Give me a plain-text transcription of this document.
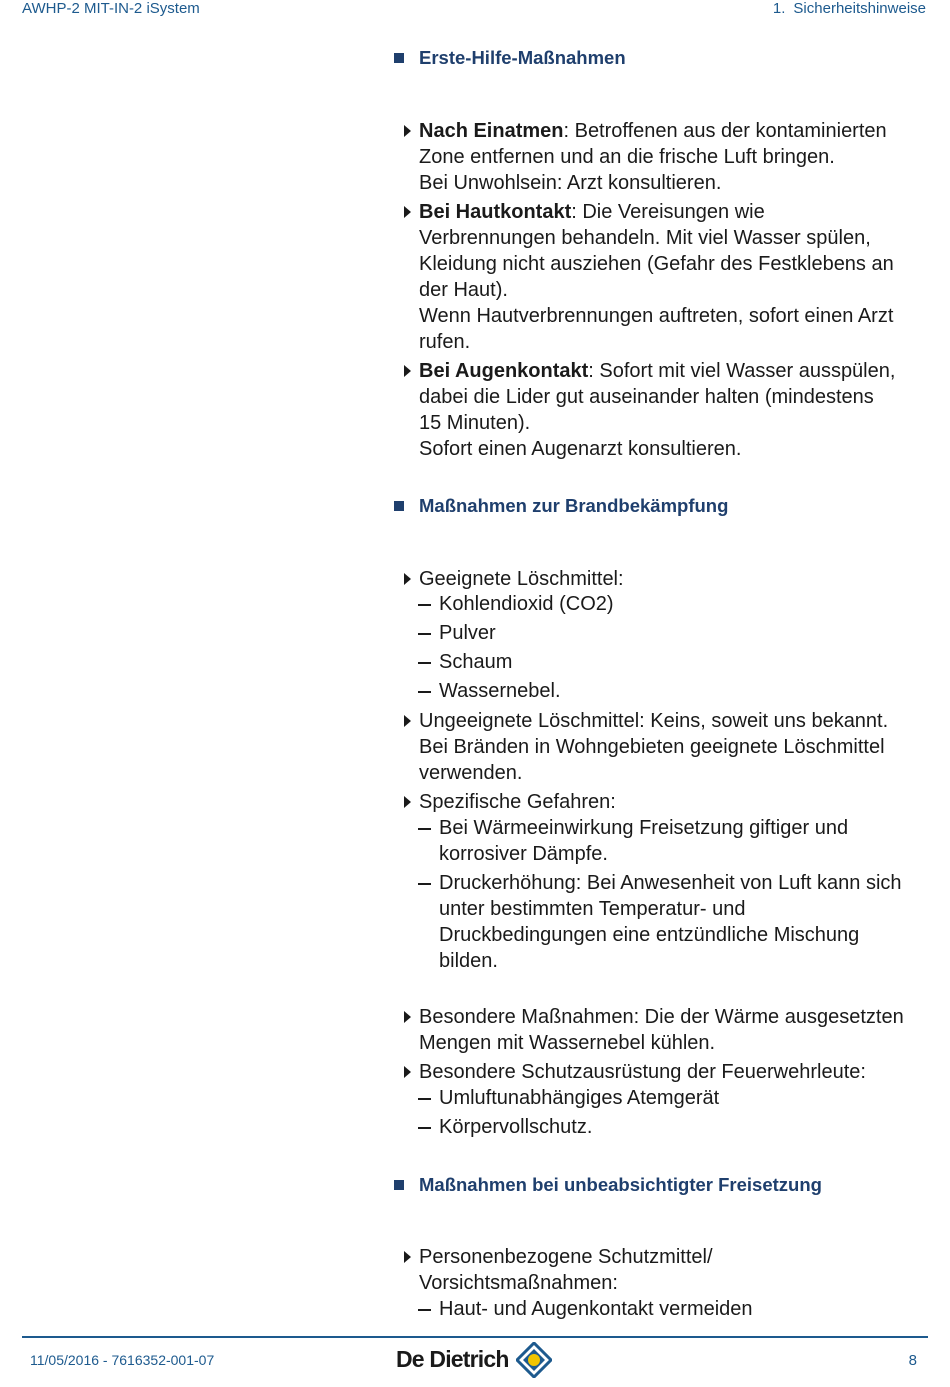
AWHP-2 MIT-IN-2 iSystem	1. Sicherheitshinweise
Erste-Hilfe-Maßnahmen
Nach Einatmen: Betroffenen aus der kontaminierten
Zone entfernen und an die frische Luft bringen.
Bei Unwohlsein: Arzt konsultieren.
Bei Hautkontakt: Die Vereisungen wie
Verbrennungen behandeln. Mit viel Wasser spülen,
Kleidung nicht ausziehen (Gefahr des Festklebens an
der Haut).
Wenn Hautverbrennungen auftreten, sofort einen Arzt
rufen.
Bei Augenkontakt: Sofort mit viel Wasser ausspülen,
dabei die Lider gut auseinander halten (mindestens
15 Minuten).
Sofort einen Augenarzt konsultieren.
Maßnahmen zur Brandbekämpfung
Geeignete Löschmittel:
Kohlendioxid (CO2)
Pulver
Schaum
Wassernebel.
Ungeeignete Löschmittel: Keins, soweit uns bekannt.
Bei Bränden in Wohngebieten geeignete Löschmittel
verwenden.
Spezifische Gefahren:
Bei Wärmeeinwirkung Freisetzung giftiger und
korrosiver Dämpfe.
Druckerhöhung: Bei Anwesenheit von Luft kann sich
unter bestimmten Temperatur- und
Druckbedingungen eine entzündliche Mischung
bilden.
Besondere Maßnahmen: Die der Wärme ausgesetzten
Mengen mit Wassernebel kühlen.
Besondere Schutzausrüstung der Feuerwehrleute:
Umluftunabhängiges Atemgerät
Körpervollschutz.
Maßnahmen bei unbeabsichtigter Freisetzung
Personenbezogene Schutzmittel/
Vorsichtsmaßnahmen:
Haut- und Augenkontakt vermeiden
11/05/2016 - 7616352-001-07	De Dietrich	8
